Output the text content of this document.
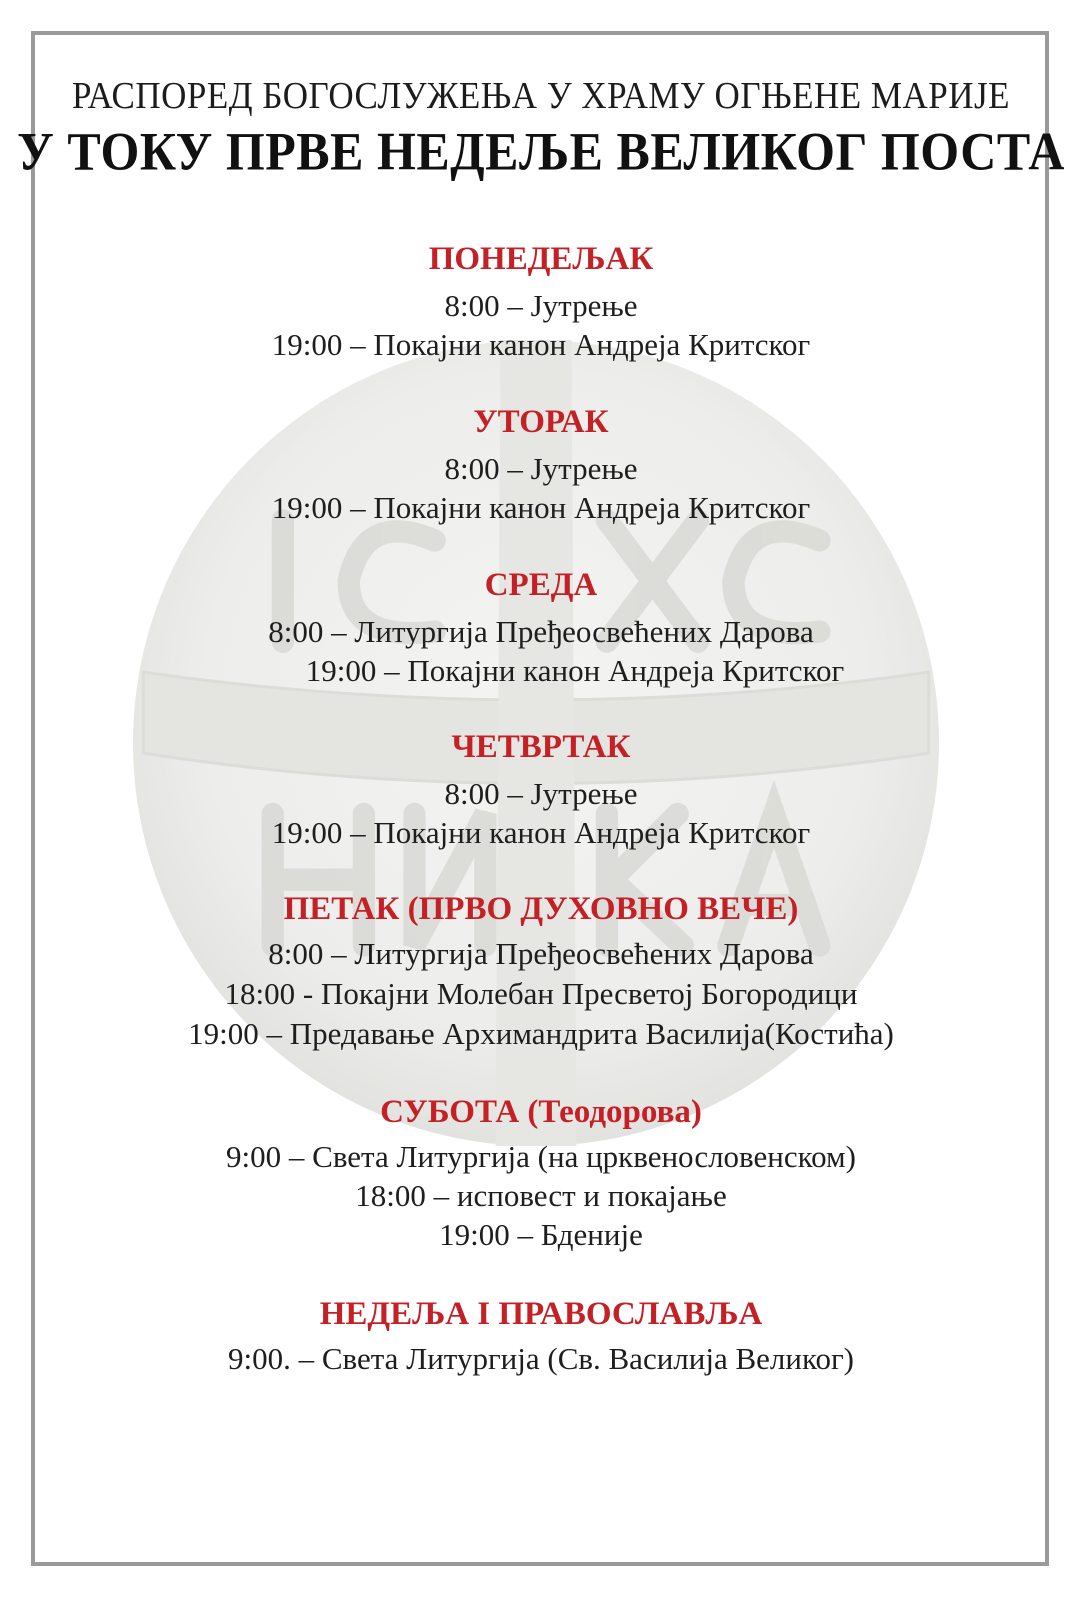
РАСПОРЕД БОГОСЛУЖЕЊА У ХРАМУ ОГЊЕНЕ МАРИЈЕ
У ТОКУ ПРВЕ НЕДЕЉЕ ВЕЛИКОГ ПОСТА
ПОНЕДЕЉАК
8:00 – Јутрење
19:00 – Покајни канон Андреја Критског
УТОРАК
8:00 – Јутрење
19:00 – Покајни канон Андреја Критског
СРЕДА
8:00 – Литургија Пређеосвећених Дарова
19:00 – Покајни канон Андреја Критског
ЧЕТВРТАК
8:00 – Јутрење
19:00 – Покајни канон Андреја Критског
ПЕТАК (ПРВО ДУХОВНО ВЕЧЕ)
8:00 – Литургија Пређеосвећених Дарова
18:00 - Покајни Молебан Пресветој Богородици
19:00 – Предавање Архимандрита Василија(Костића)
СУБОТА (Теодорова)
9:00 – Света Литургија (на црквенословенском)
18:00 – исповест и покајање
19:00 – Бденије
НЕДЕЉА I ПРАВОСЛАВЉА
9:00. – Света Литургија (Св. Василија Великог)
